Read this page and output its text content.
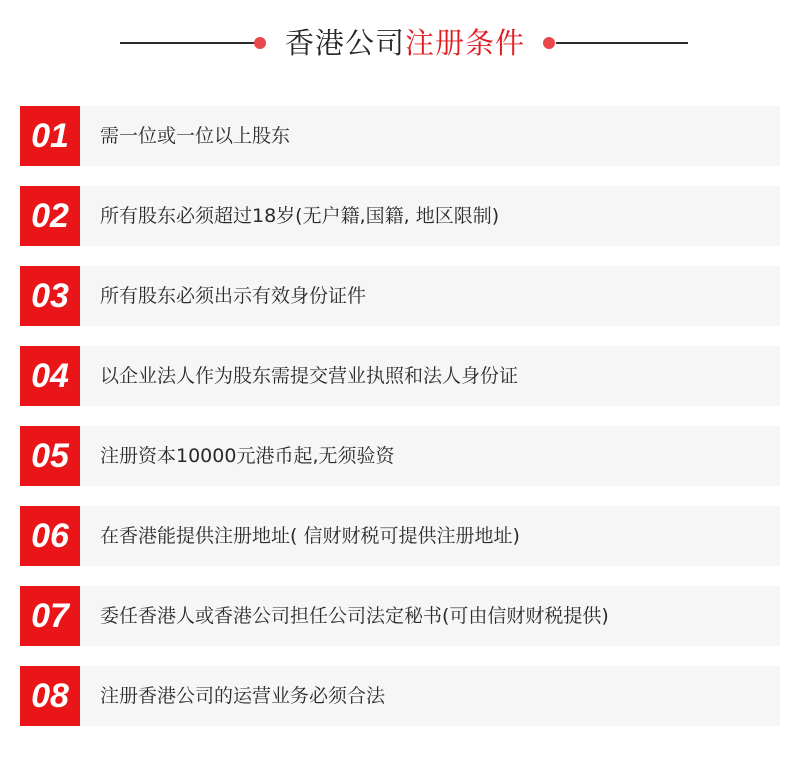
香港公司注册条件
01	需一位或一位以上股东
02	所有股东必须超过18岁(无户籍,国籍, 地区限制)
03	所有股东必须出示有效身份证件
04	以企业法人作为股东需提交营业执照和法人身份证
05	注册资本10000元港币起,无须验资
06	在香港能提供注册地址( 信财财税可提供注册地址)
07	委任香港人或香港公司担任公司法定秘书(可由信财财税提供)
08	注册香港公司的运营业务必须合法
